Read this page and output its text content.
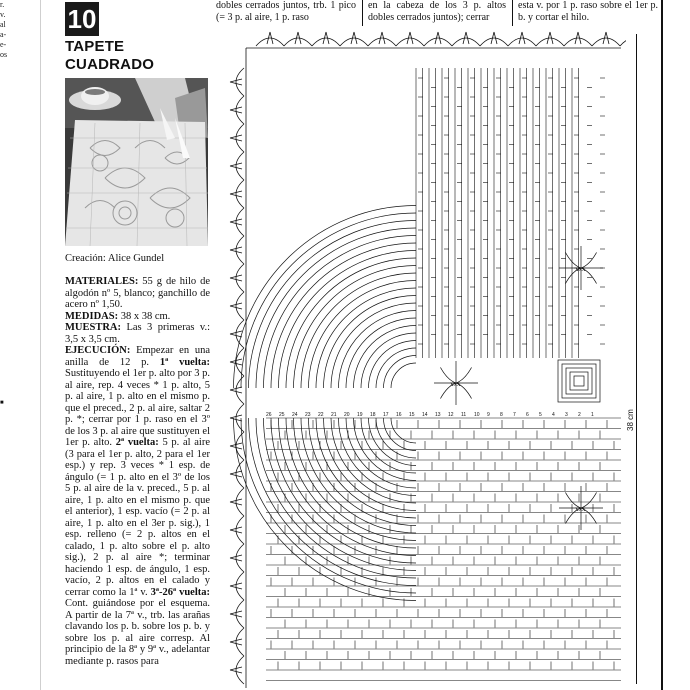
r.
v.
al
a-
e-
os
■
10
TAPETE
CUADRADO
Creación: Alice Gundel

MATERIALES: 55 g de hilo de algodón nº 5, blanco; ganchillo de acero nº 1,50.

MEDIDAS: 38 x 38 cm.

MUESTRA: Las 3 primeras v.: 3,5 x 3,5 cm.

EJECUCIÓN: Empezar en una anilla de 12 p. 1ª vuelta: Sustituyendo el 1er p. alto por 3 p. al aire, rep. 4 veces * 1 p. alto, 5 p. al aire, 1 p. alto en el mismo p. que el preced., 2 p. al aire, saltar 2 p. *; cerrar por 1 p. raso en el 3º de los 3 p. al aire que sustituyen el 1er p. alto. 2ª vuelta: 5 p. al aire (3 para el 1er p. alto, 2 para el 1er esp.) y rep. 3 veces * 1 esp. de ángulo (= 1 p. alto en el 3º de los 5 p. al aire de la v. preced., 5 p. al aire, 1 p. alto en el mismo p. que el anterior), 1 esp. vacío (= 2 p. al aire, 1 p. alto en el 3er p. sig.), 1 esp. relleno (= 2 p. altos en el calado, 1 p. alto sobre el p. alto sig.), 2 p. al aire *; terminar haciendo 1 esp. de ángulo, 1 esp. vacío, 2 p. altos en el calado y cerrar como la 1ª v. 3ª-26ª vuelta: Cont. guiándose por el esquema. A partir de la 7ª v., trb. las arañas clavando los p. b. sobre los p. b. y sobre los p. al aire corresp. Al principio de la 8ª y 9ª v., adelantar mediante p. rasos para

dobles cerrados juntos, trb. 1 pico (= 3 p. al aire, 1 p. raso
en la cabeza de los 3 p. altos dobles cerrados juntos); cerrar
esta v. por 1 p. raso sobre el 1er p. b. y cortar el hilo.
xxx
xxx
xxx
26 25 24 23 22 21 20 19 18 17 16 15 14 13 12 11 10 9 8 7 6 5 4 3 2 1	38 cm
